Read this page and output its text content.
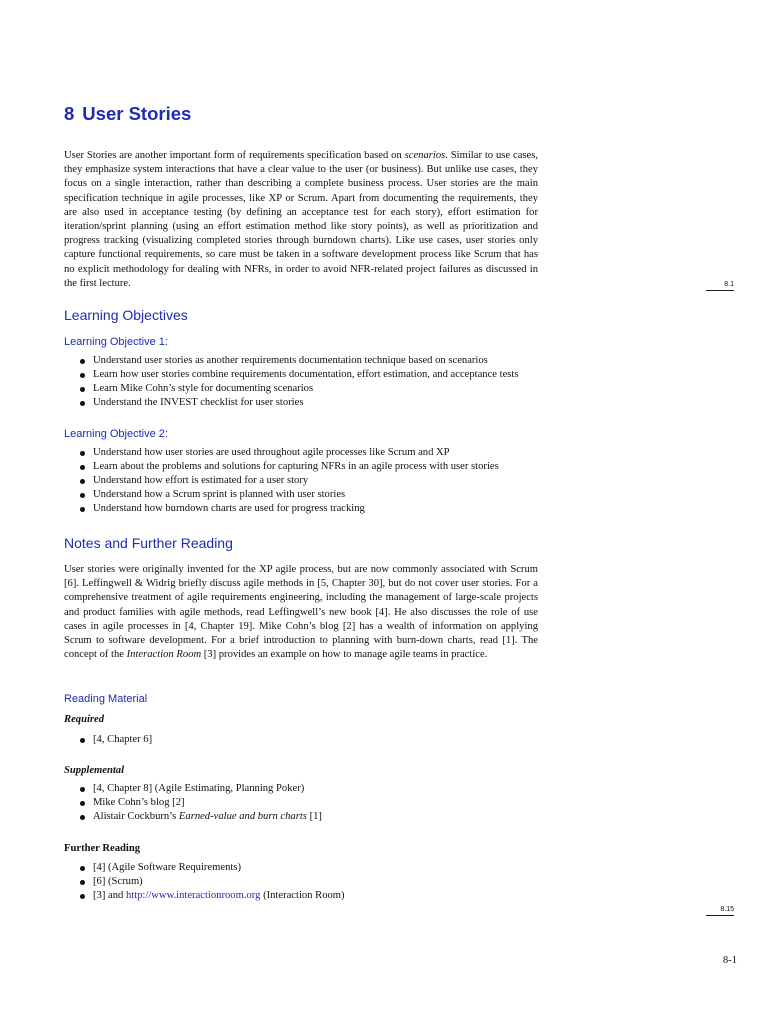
8 User Stories

User Stories are another important form of requirements specification based on scenarios. Similar to use cases, they emphasize system interactions that have a clear value to the user (or business). But unlike use cases, they focus on a single interaction, rather than describing a complete business process. User stories are the main specification technique in agile processes, like XP or Scrum. Apart from documenting the requirements, they are also used in acceptance testing (by defining an acceptance test for each story), effort estimation for iteration/sprint planning (using an effort estimation method like story points), as well as prioritization and progress tracking (visualizing completed stories through burndown charts). Like use cases, user stories only capture functional requirements, so care must be taken in a software development process like Scrum that has no explicit methodology for dealing with NFRs, in order to avoid NFR-related project failures as discussed in the first lecture.	8.1
Learning Objectives
Learning Objective 1:
Understand user stories as another requirements documentation technique based on scenarios
Learn how user stories combine requirements documentation, effort estimation, and acceptance tests
Learn Mike Cohn’s style for documenting scenarios
Understand the INVEST checklist for user stories
Learning Objective 2:
Understand how user stories are used throughout agile processes like Scrum and XP
Learn about the problems and solutions for capturing NFRs in an agile process with user stories
Understand how effort is estimated for a user story
Understand how a Scrum sprint is planned with user stories
Understand how burndown charts are used for progress tracking
Notes and Further Reading

User stories were originally invented for the XP agile process, but are now commonly associated with Scrum [6]. Leffingwell & Widrig briefly discuss agile methods in [5, Chapter 30], but do not cover user stories. For a comprehensive treatment of agile requirements engineering, including the management of large-scale projects and product families with agile methods, read Leffingwell’s new book [4]. He also discusses the role of use cases in agile processes in [4, Chapter 19]. Mike Cohn’s blog [2] has a wealth of information on applying Scrum to software development. For a brief introduction to planning with burn-down charts, read [1]. The concept of the Interaction Room [3] provides an example on how to manage agile teams in practice.

Reading Material
Required
[4, Chapter 6]
Supplemental
[4, Chapter 8] (Agile Estimating, Planning Poker)
Mike Cohn’s blog [2]
Alistair Cockburn’s Earned-value and burn charts [1]
Further Reading
[4] (Agile Software Requirements)
[6] (Scrum)
[3] and http://www.interactionroom.org (Interaction Room)
8.15
8-1
